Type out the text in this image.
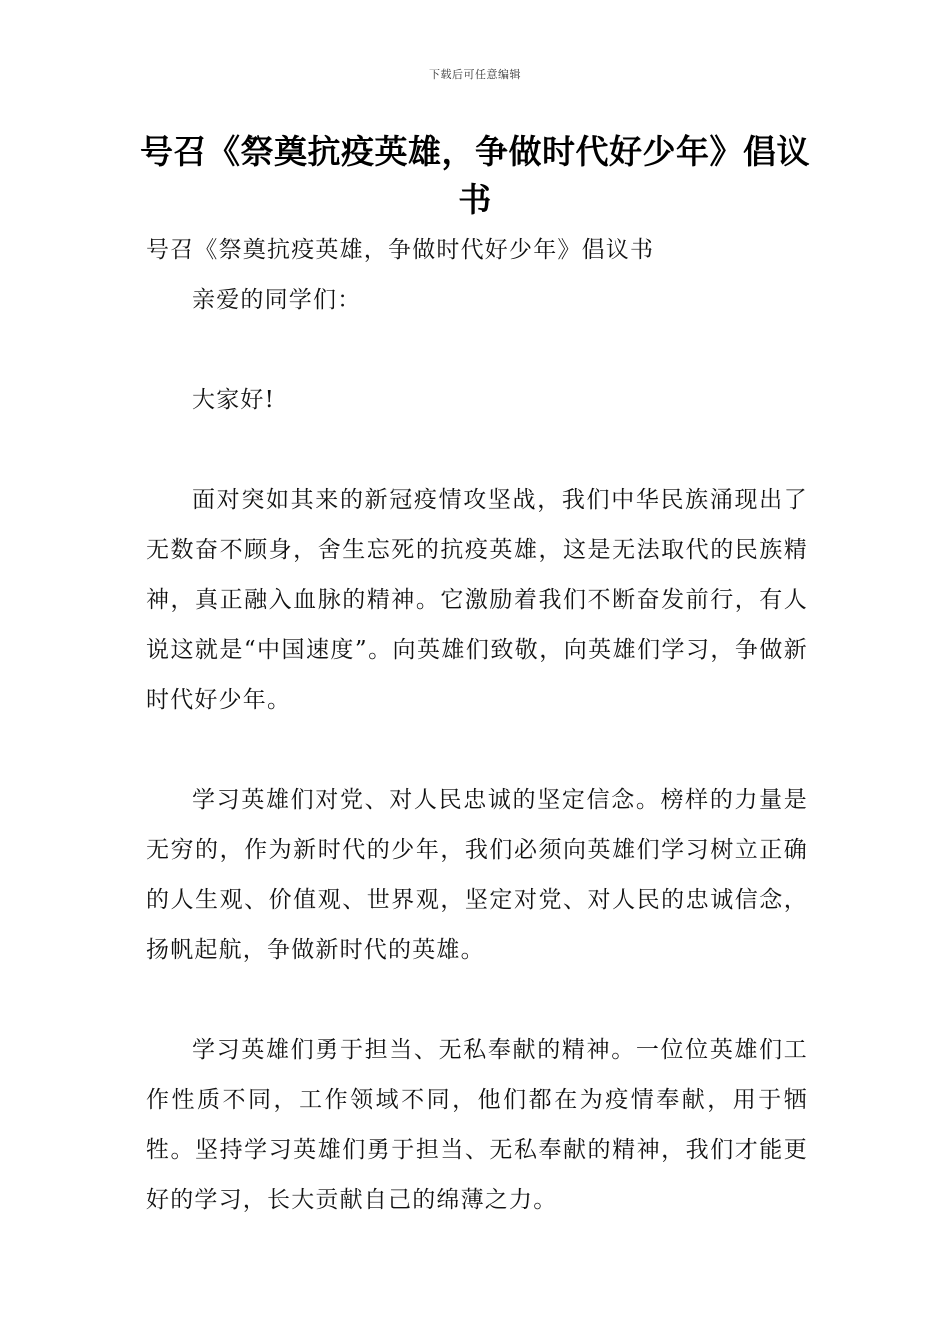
下载后可任意编辑
号召《祭奠抗疫英雄，争做时代好少年》倡议书

号召《祭奠抗疫英雄，争做时代好少年》倡议书

亲爱的同学们：

大家好!

面对突如其来的新冠疫情攻坚战，我们中华民族涌现出了无数奋不顾身，舍生忘死的抗疫英雄，这是无法取代的民族精神，真正融入血脉的精神。它激励着我们不断奋发前行，有人说这就是“中国速度”。向英雄们致敬，向英雄们学习，争做新时代好少年。

学习英雄们对党、对人民忠诚的坚定信念。榜样的力量是无穷的，作为新时代的少年，我们必须向英雄们学习树立正确的人生观、价值观、世界观，坚定对党、对人民的忠诚信念，扬帆起航，争做新时代的英雄。

学习英雄们勇于担当、无私奉献的精神。一位位英雄们工作性质不同，工作领域不同，他们都在为疫情奉献，用于牺牲。坚持学习英雄们勇于担当、无私奉献的精神，我们才能更好的学习，长大贡献自己的绵薄之力。
